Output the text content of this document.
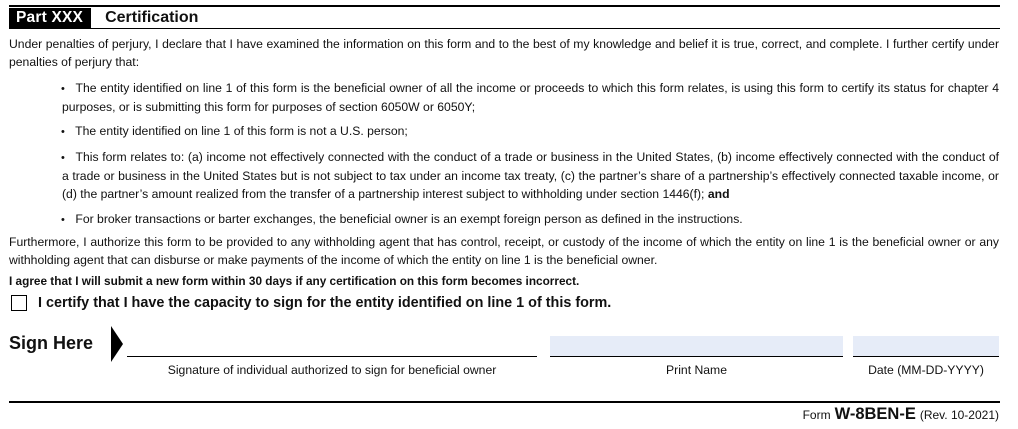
Part XXX	Certification
Under penalties of perjury, I declare that I have examined the information on this form and to the best of my knowledge and belief it is true, correct, and complete. I further certify under penalties of perjury that:
• The entity identified on line 1 of this form is the beneficial owner of all the income or proceeds to which this form relates, is using this form to certify its status for chapter 4 purposes, or is submitting this form for purposes of section 6050W or 6050Y;
• The entity identified on line 1 of this form is not a U.S. person;
• This form relates to: (a) income not effectively connected with the conduct of a trade or business in the United States, (b) income effectively connected with the conduct of a trade or business in the United States but is not subject to tax under an income tax treaty, (c) the partner’s share of a partnership’s effectively connected taxable income, or (d) the partner’s amount realized from the transfer of a partnership interest subject to withholding under section 1446(f); and
• For broker transactions or barter exchanges, the beneficial owner is an exempt foreign person as defined in the instructions.
Furthermore, I authorize this form to be provided to any withholding agent that has control, receipt, or custody of the income of which the entity on line 1 is the beneficial owner or any withholding agent that can disburse or make payments of the income of which the entity on line 1 is the beneficial owner.
I agree that I will submit a new form within 30 days if any certification on this form becomes incorrect.
I certify that I have the capacity to sign for the entity identified on line 1 of this form.
Sign Here
Signature of individual authorized to sign for beneficial owner	Print Name	Date (MM-DD-YYYY)
Form W-8BEN-E (Rev. 10-2021)
